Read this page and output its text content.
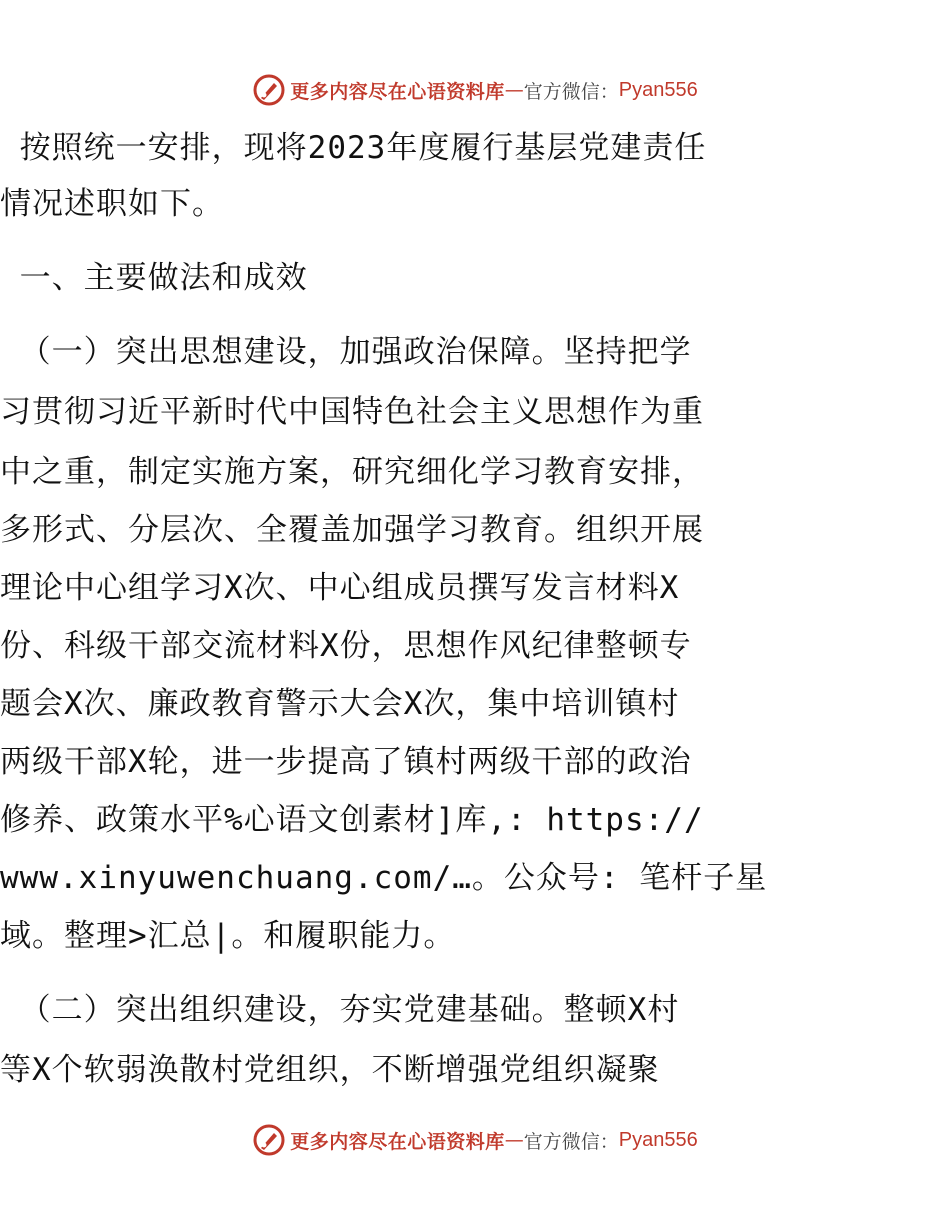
更多内容尽在心语资料库 — 官方微信： Pyan556
按照统一安排，现将2023年度履行基层党建责任
情况述职如下。
一、主要做法和成效
（一）突出思想建设，加强政治保障。坚持把学
习贯彻习近平新时代中国特色社会主义思想作为重
中之重，制定实施方案，研究细化学习教育安排，
多形式、分层次、全覆盖加强学习教育。组织开展
理论中心组学习X次、中心组成员撰写发言材料X
份、科级干部交流材料X份，思想作风纪律整顿专
题会X次、廉政教育警示大会X次，集中培训镇村
两级干部X轮，进一步提高了镇村两级干部的政治
修养、政策水平%心语文创素材]库,: https://
www.xinyuwenchuang.com/…。公众号: 笔杆子星
域。整理>汇总|。和履职能力。
（二）突出组织建设，夯实党建基础。整顿X村
等X个软弱涣散村党组织，不断增强党组织凝聚
更多内容尽在心语资料库 — 官方微信： Pyan556
